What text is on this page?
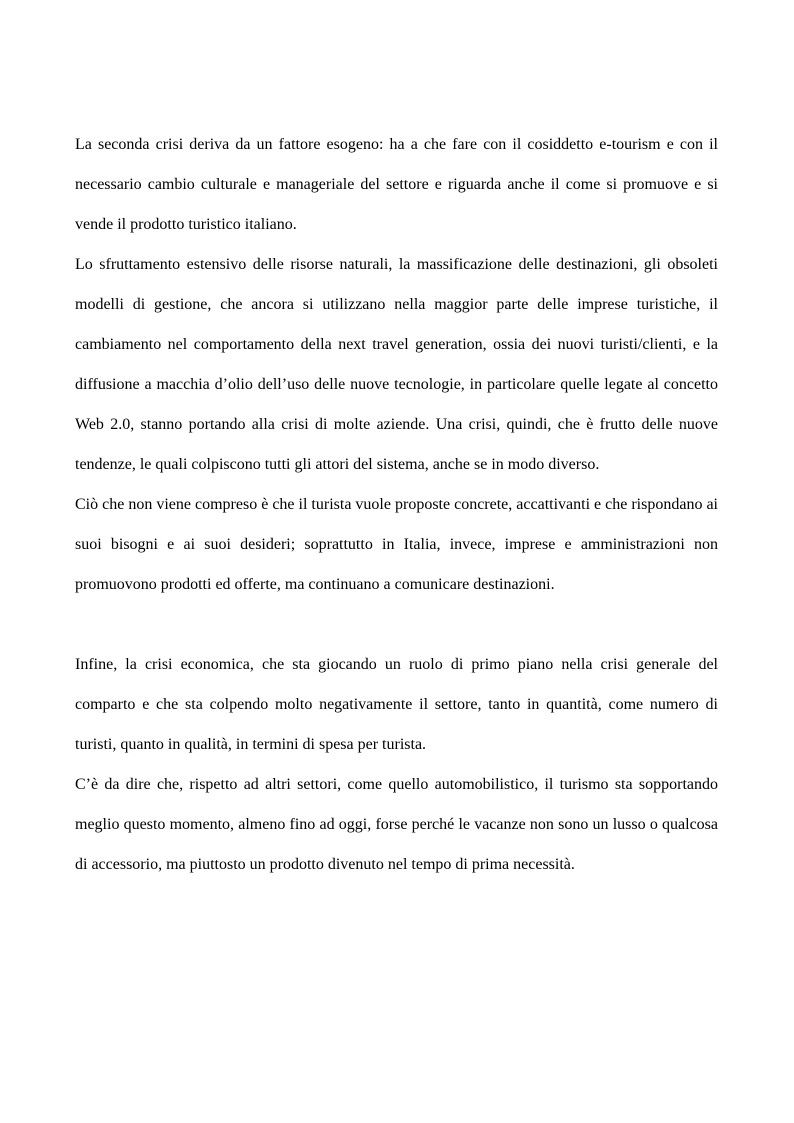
La seconda crisi deriva da un fattore esogeno: ha a che fare con il cosiddetto e-tourism e con il necessario cambio culturale e manageriale del settore e riguarda anche il come si promuove e si vende il prodotto turistico italiano.

Lo sfruttamento estensivo delle risorse naturali, la massificazione delle destinazioni, gli obsoleti modelli di gestione, che ancora si utilizzano nella maggior parte delle imprese turistiche, il cambiamento nel comportamento della next travel generation, ossia dei nuovi turisti/clienti, e la diffusione a macchia d’olio dell’uso delle nuove tecnologie, in particolare quelle legate al concetto Web 2.0, stanno portando alla crisi di molte aziende. Una crisi, quindi, che è frutto delle nuove tendenze, le quali colpiscono tutti gli attori del sistema, anche se in modo diverso.

Ciò che non viene compreso è che il turista vuole proposte concrete, accattivanti e che rispondano ai suoi bisogni e ai suoi desideri; soprattutto in Italia, invece, imprese e amministrazioni non promuovono prodotti ed offerte, ma continuano a comunicare destinazioni.

Infine, la crisi economica, che sta giocando un ruolo di primo piano nella crisi generale del comparto e che sta colpendo molto negativamente il settore, tanto in quantità, come numero di turisti, quanto in qualità, in termini di spesa per turista.

C’è da dire che, rispetto ad altri settori, come quello automobilistico, il turismo sta sopportando meglio questo momento, almeno fino ad oggi, forse perché le vacanze non sono un lusso o qualcosa di accessorio, ma piuttosto un prodotto divenuto nel tempo di prima necessità.
